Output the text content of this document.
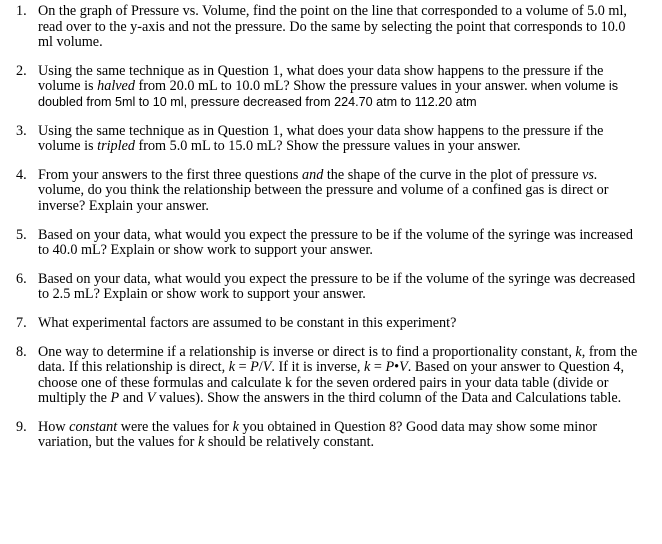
1. On the graph of Pressure vs. Volume, find the point on the line that corresponded to a volume of 5.0 ml, read over to the y-axis and not the pressure. Do the same by selecting the point that corresponds to 10.0 ml volume.
2. Using the same technique as in Question 1, what does your data show happens to the pressure if the volume is halved from 20.0 mL to 10.0 mL? Show the pressure values in your answer. when volume is doubled from 5ml to 10 ml, pressure decreased from 224.70 atm to 112.20 atm
3. Using the same technique as in Question 1, what does your data show happens to the pressure if the volume is tripled from 5.0 mL to 15.0 mL? Show the pressure values in your answer.
4. From your answers to the first three questions and the shape of the curve in the plot of pressure vs. volume, do you think the relationship between the pressure and volume of a confined gas is direct or inverse? Explain your answer.
5. Based on your data, what would you expect the pressure to be if the volume of the syringe was increased to 40.0 mL? Explain or show work to support your answer.
6. Based on your data, what would you expect the pressure to be if the volume of the syringe was decreased to 2.5 mL? Explain or show work to support your answer.
7. What experimental factors are assumed to be constant in this experiment?
8. One way to determine if a relationship is inverse or direct is to find a proportionality constant, k, from the data. If this relationship is direct, k = P/V. If it is inverse, k = P•V. Based on your answer to Question 4, choose one of these formulas and calculate k for the seven ordered pairs in your data table (divide or multiply the P and V values). Show the answers in the third column of the Data and Calculations table.
9. How constant were the values for k you obtained in Question 8? Good data may show some minor variation, but the values for k should be relatively constant.
